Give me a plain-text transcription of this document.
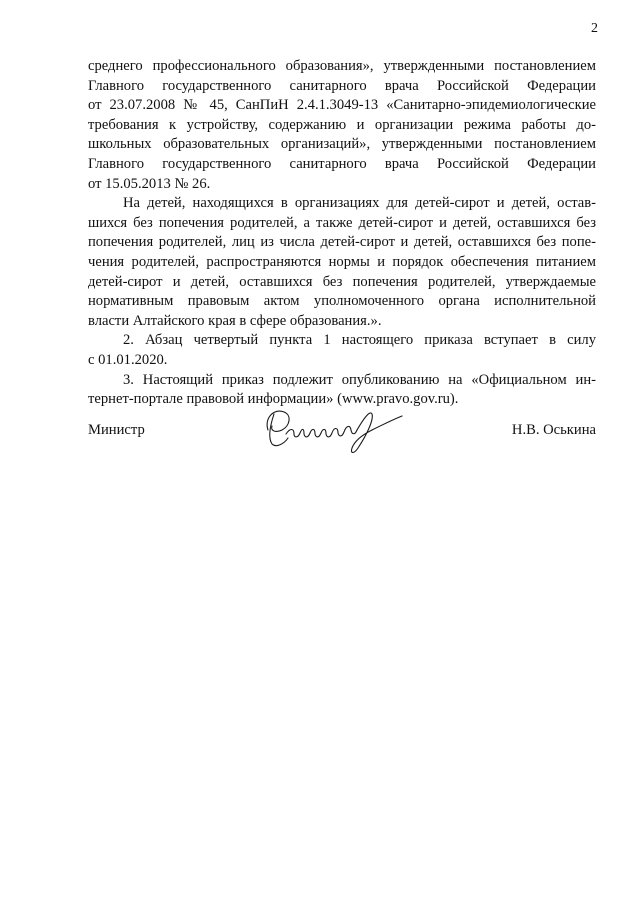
2
среднего профессионального образования», утвержденными постановлением
Главного государственного санитарного врача Российской Федерации
от 23.07.2008 № 45, СанПиН 2.4.1.3049-13 «Санитарно-эпидемиологические
требования к устройству, содержанию и организации режима работы до-
школьных образовательных организаций», утвержденными постановлением
Главного государственного санитарного врача Российской Федерации
от 15.05.2013 № 26.
На детей, находящихся в организациях для детей-сирот и детей, остав-
шихся без попечения родителей, а также детей-сирот и детей, оставшихся без
попечения родителей, лиц из числа детей-сирот и детей, оставшихся без попе-
чения родителей, распространяются нормы и порядок обеспечения питанием
детей-сирот и детей, оставшихся без попечения родителей, утверждаемые
нормативным правовым актом уполномоченного органа исполнительной
власти Алтайского края в сфере образования.».
2. Абзац четвертый пункта 1 настоящего приказа вступает в силу
с 01.01.2020.
3. Настоящий приказ подлежит опубликованию на «Официальном ин-
тернет-портале правовой информации» (www.pravo.gov.ru).
Министр	Н.В. Оськина
